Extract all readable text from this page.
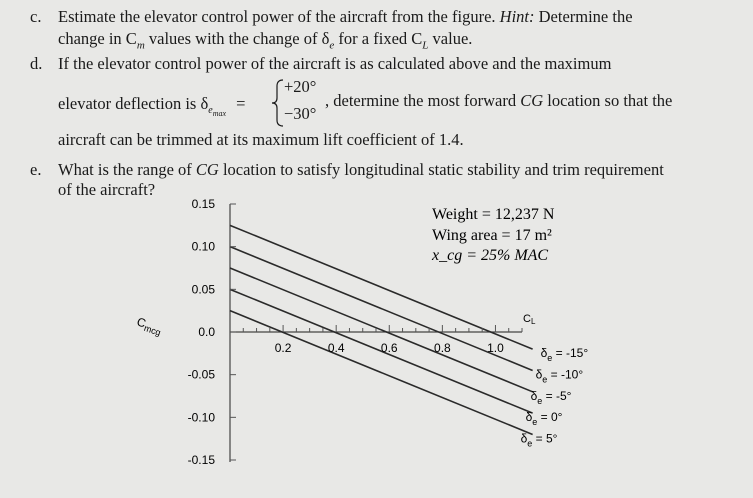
c. Estimate the elevator control power of the aircraft from the figure. Hint: Determine the
change in $C_m$ values with the change of $\delta_e$ for a fixed $C_L$ value.
d. If the elevator control power of the aircraft is as calculated above and the maximum
elevator deflection is $\delta_{e_{max}}$ =
+20°
−30°
, determine the most forward CG location so that the
aircraft can be trimmed at its maximum lift coefficient of 1.4.
e. What is the range of CG location to satisfy longitudinal static stability and trim requirement
of the aircraft?
0.15
0.10
0.05
0.0
-0.05
-0.10
-0.15
0.2	0.4	0.6	0.8	1.0	$\delta_e = -15^\circ$
$\delta_e = -10^\circ$
$\delta_e = -5^\circ$
$\delta_e = 0^\circ$
$\delta_e = 5^\circ$
Weight = 12,237 N
Wing area = 17 m²
x_cg = 25% MAC
CL
$C_{mcg}$
